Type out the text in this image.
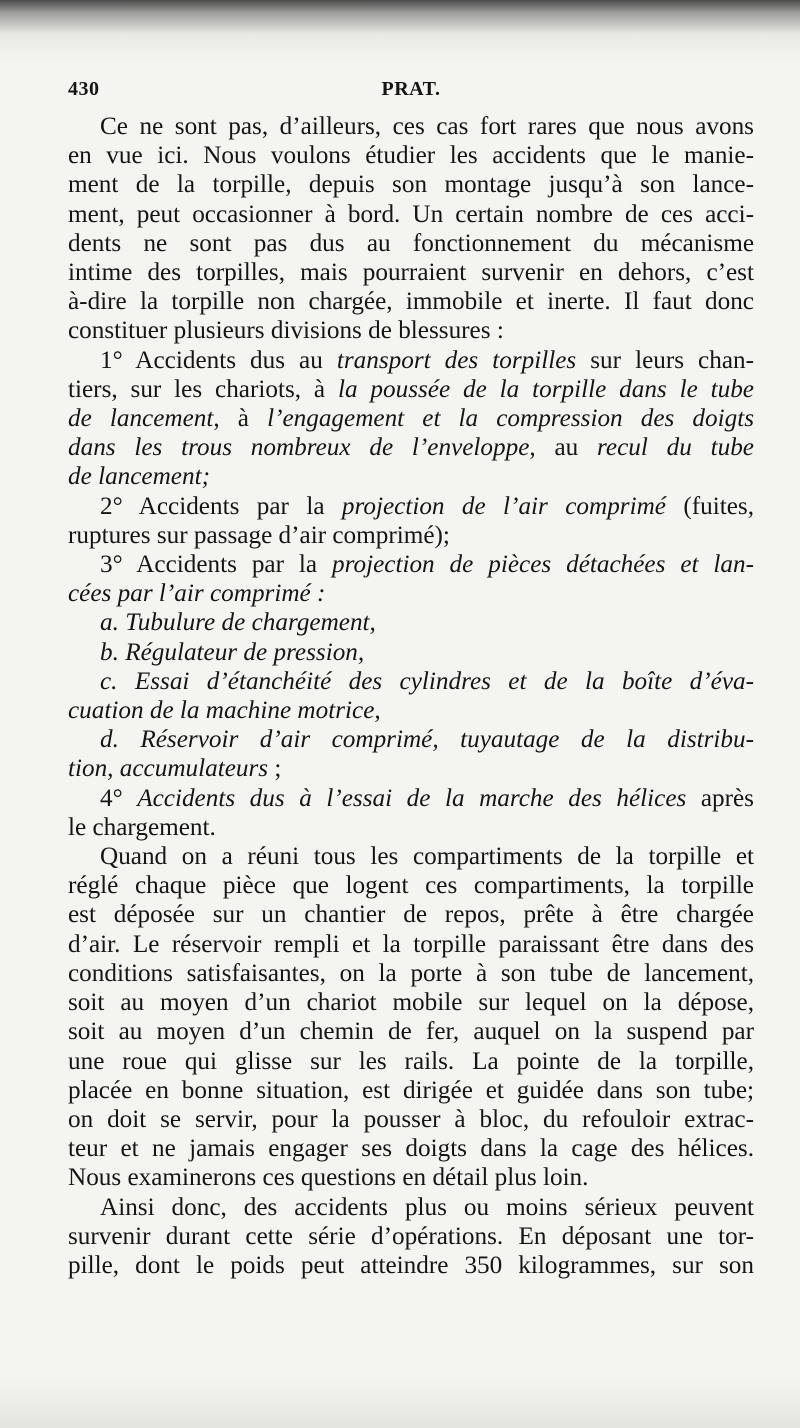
430	PRAT.

Ce ne sont pas, d’ailleurs, ces cas fort rares que nous avons
en vue ici. Nous voulons étudier les accidents que le manie-
ment de la torpille, depuis son montage jusqu’à son lance-
ment, peut occasionner à bord. Un certain nombre de ces acci-
dents ne sont pas dus au fonctionnement du mécanisme
intime des torpilles, mais pourraient survenir en dehors, c’est
à-dire la torpille non chargée, immobile et inerte. Il faut donc
constituer plusieurs divisions de blessures :

1° Accidents dus au transport des torpilles sur leurs chan-
tiers, sur les chariots, à la poussée de la torpille dans le tube
de lancement, à l’engagement et la compression des doigts
dans les trous nombreux de l’enveloppe, au recul du tube
de lancement;

2° Accidents par la projection de l’air comprimé (fuites,
ruptures sur passage d’air comprimé);

3° Accidents par la projection de pièces détachées et lan-
cées par l’air comprimé :

a. Tubulure de chargement,

b. Régulateur de pression,

c. Essai d’étanchéité des cylindres et de la boîte d’éva-
cuation de la machine motrice,

d. Réservoir d’air comprimé, tuyautage de la distribu-
tion, accumulateurs ;

4° Accidents dus à l’essai de la marche des hélices après
le chargement.

Quand on a réuni tous les compartiments de la torpille et
réglé chaque pièce que logent ces compartiments, la torpille
est déposée sur un chantier de repos, prête à être chargée
d’air. Le réservoir rempli et la torpille paraissant être dans des
conditions satisfaisantes, on la porte à son tube de lancement,
soit au moyen d’un chariot mobile sur lequel on la dépose,
soit au moyen d’un chemin de fer, auquel on la suspend par
une roue qui glisse sur les rails. La pointe de la torpille,
placée en bonne situation, est dirigée et guidée dans son tube;
on doit se servir, pour la pousser à bloc, du refouloir extrac-
teur et ne jamais engager ses doigts dans la cage des hélices.
Nous examinerons ces questions en détail plus loin.

Ainsi donc, des accidents plus ou moins sérieux peuvent
survenir durant cette série d’opérations. En déposant une tor-
pille, dont le poids peut atteindre 350 kilogrammes, sur son
